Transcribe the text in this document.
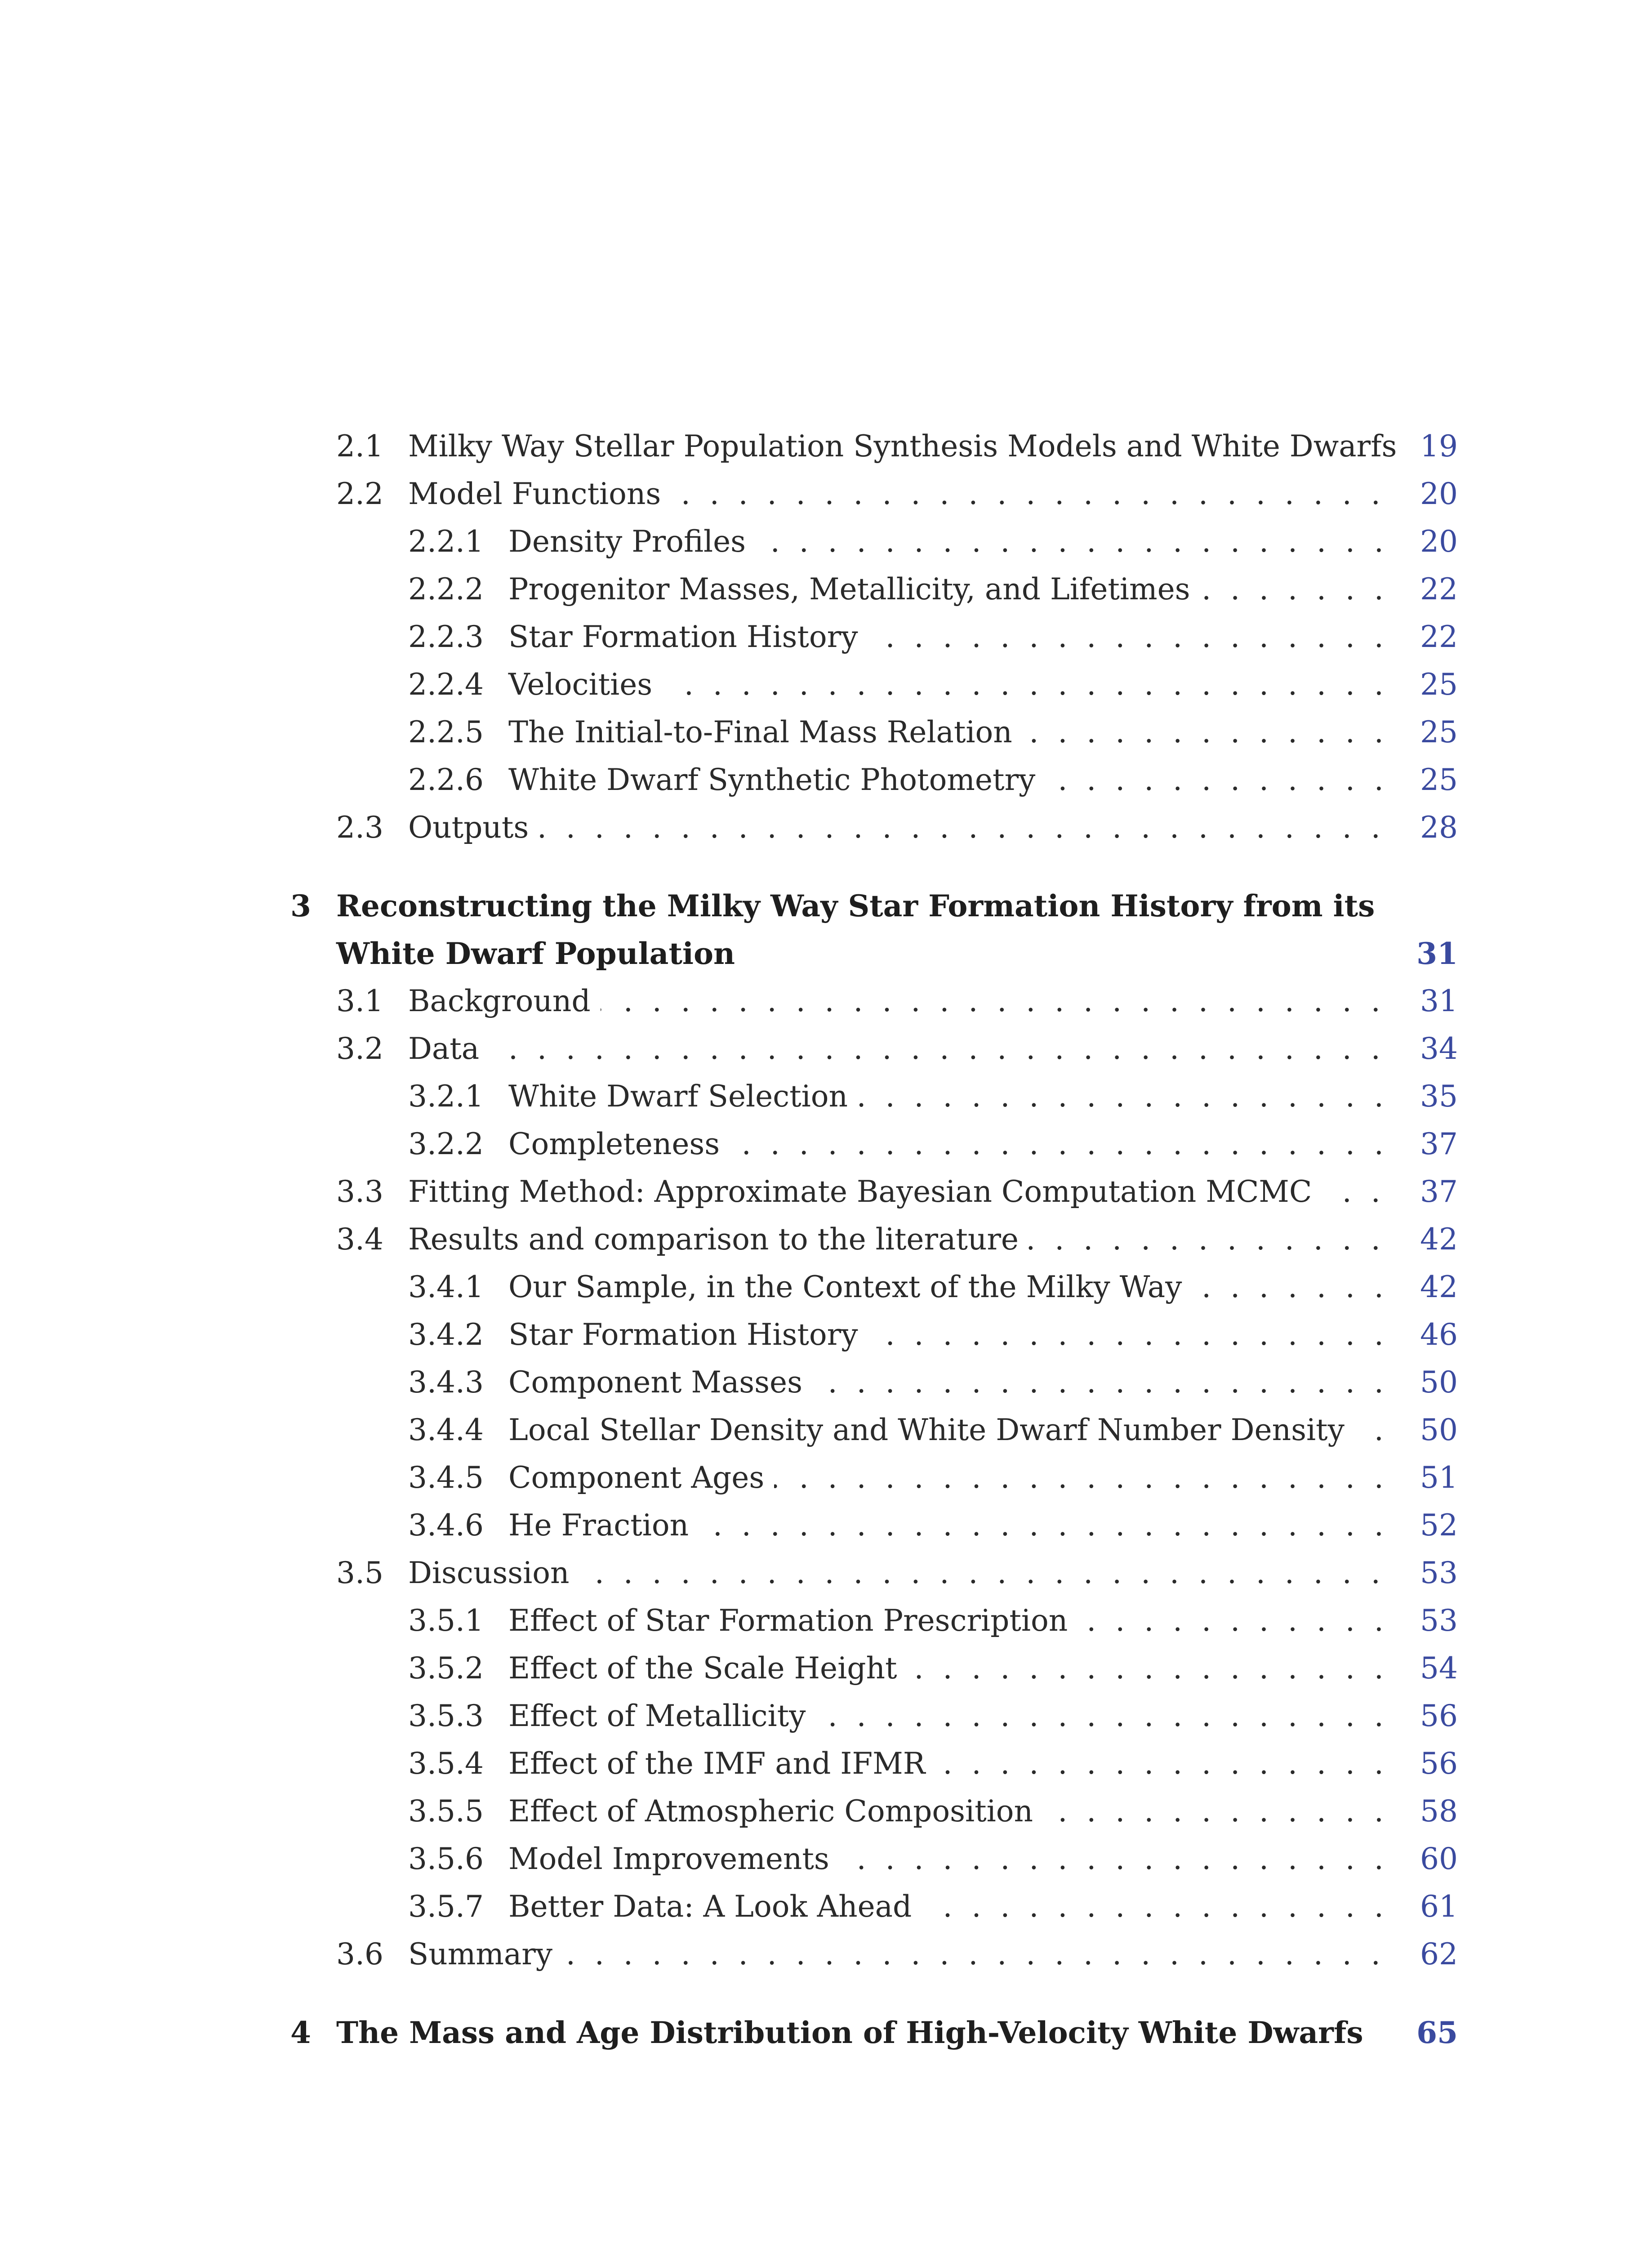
2.1 . . . Milky Way Stellar Population Synthesis Models and White Dwarfs 19
2.2 . . . Model Functions	20
2.2.1 . . . Density Profiles	20
2.2.2 . . . Progenitor Masses, Metallicity, and Lifetimes	22
2.2.3 . . . Star Formation History	22
2.2.4 . . . Velocities	25
2.2.5 . . . The Initial-to-Final Mass Relation	25
2.2.6 . . . White Dwarf Synthetic Photometry	25
2.3 . . . Outputs	28
3 Reconstructing the Milky Way Star Formation History from its
White Dwarf Population	31
3.1 . . . Background	31
3.2 . . . Data	34
3.2.1 . . . White Dwarf Selection	35
3.2.2 . . . Completeness	37
3.3 . . . Fitting Method: Approximate Bayesian Computation MCMC	37
3.4 . . . Results and comparison to the literature	42
3.4.1 . . . Our Sample, in the Context of the Milky Way	42
3.4.2 . . . Star Formation History	46
3.4.3 . . . Component Masses	50
3.4.4 . . . Local Stellar Density and White Dwarf Number Density	50
3.4.5 . . . Component Ages	51
3.4.6 . . . He Fraction	52
3.5 . . . Discussion	53
3.5.1 . . . Effect of Star Formation Prescription	53
3.5.2 . . . Effect of the Scale Height	54
3.5.3 . . . Effect of Metallicity	56
3.5.4 . . . Effect of the IMF and IFMR	56
3.5.5 . . . Effect of Atmospheric Composition	58
3.5.6 . . . Model Improvements	60
3.5.7 . . . Better Data: A Look Ahead	61
3.6 . . . Summary	62
4 The Mass and Age Distribution of High-Velocity White Dwarfs 65
